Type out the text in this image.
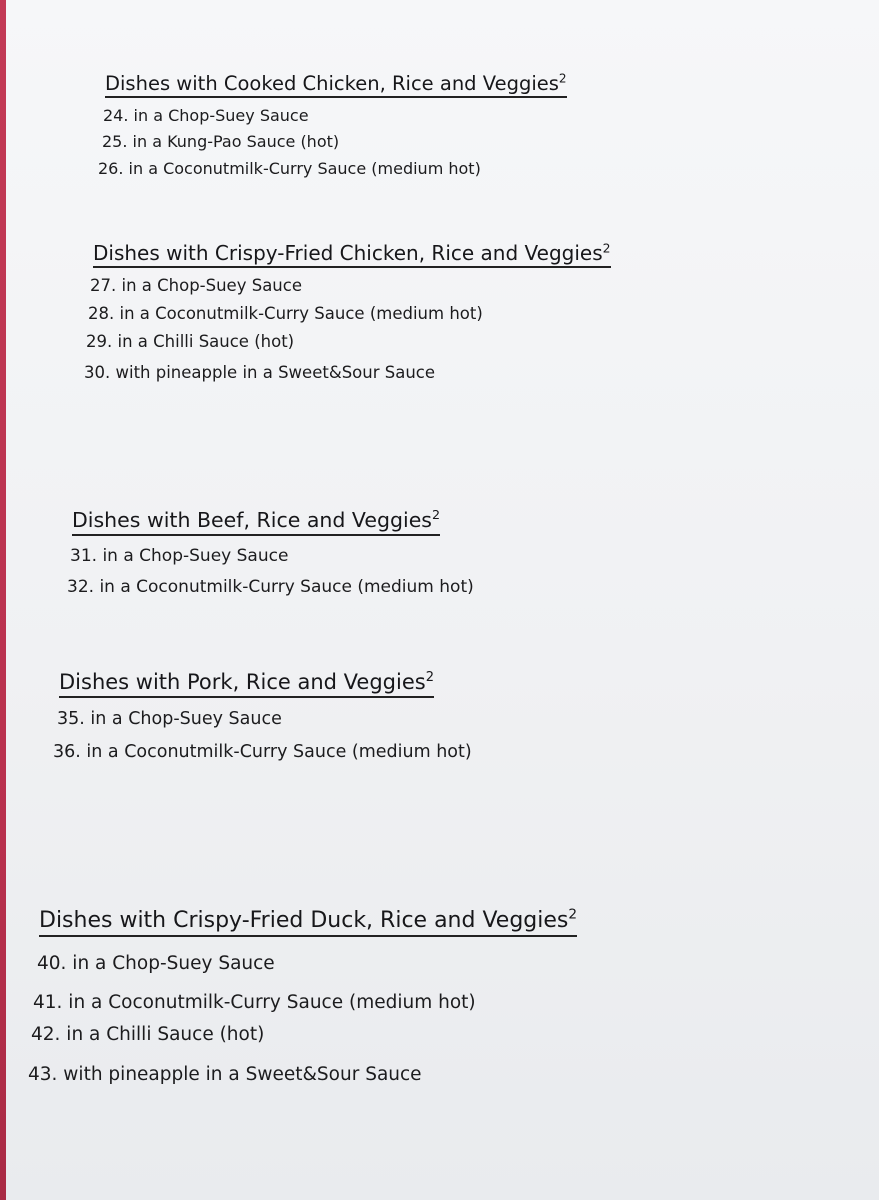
Dishes with Cooked Chicken, Rice and Veggies$^2$
24. in a Chop-Suey Sauce
25. in a Kung-Pao Sauce (hot)
26. in a Coconutmilk-Curry Sauce (medium hot)
Dishes with Crispy-Fried Chicken, Rice and Veggies$^2$
27. in a Chop-Suey Sauce
28. in a Coconutmilk-Curry Sauce (medium hot)
29. in a Chilli Sauce (hot)
30. with pineapple in a Sweet&Sour Sauce
Dishes with Beef, Rice and Veggies$^2$
31. in a Chop-Suey Sauce
32. in a Coconutmilk-Curry Sauce (medium hot)
Dishes with Pork, Rice and Veggies$^2$
35. in a Chop-Suey Sauce
36. in a Coconutmilk-Curry Sauce (medium hot)
Dishes with Crispy-Fried Duck, Rice and Veggies$^2$
40. in a Chop-Suey Sauce
41. in a Coconutmilk-Curry Sauce (medium hot)
42. in a Chilli Sauce (hot)
43. with pineapple in a Sweet&Sour Sauce
